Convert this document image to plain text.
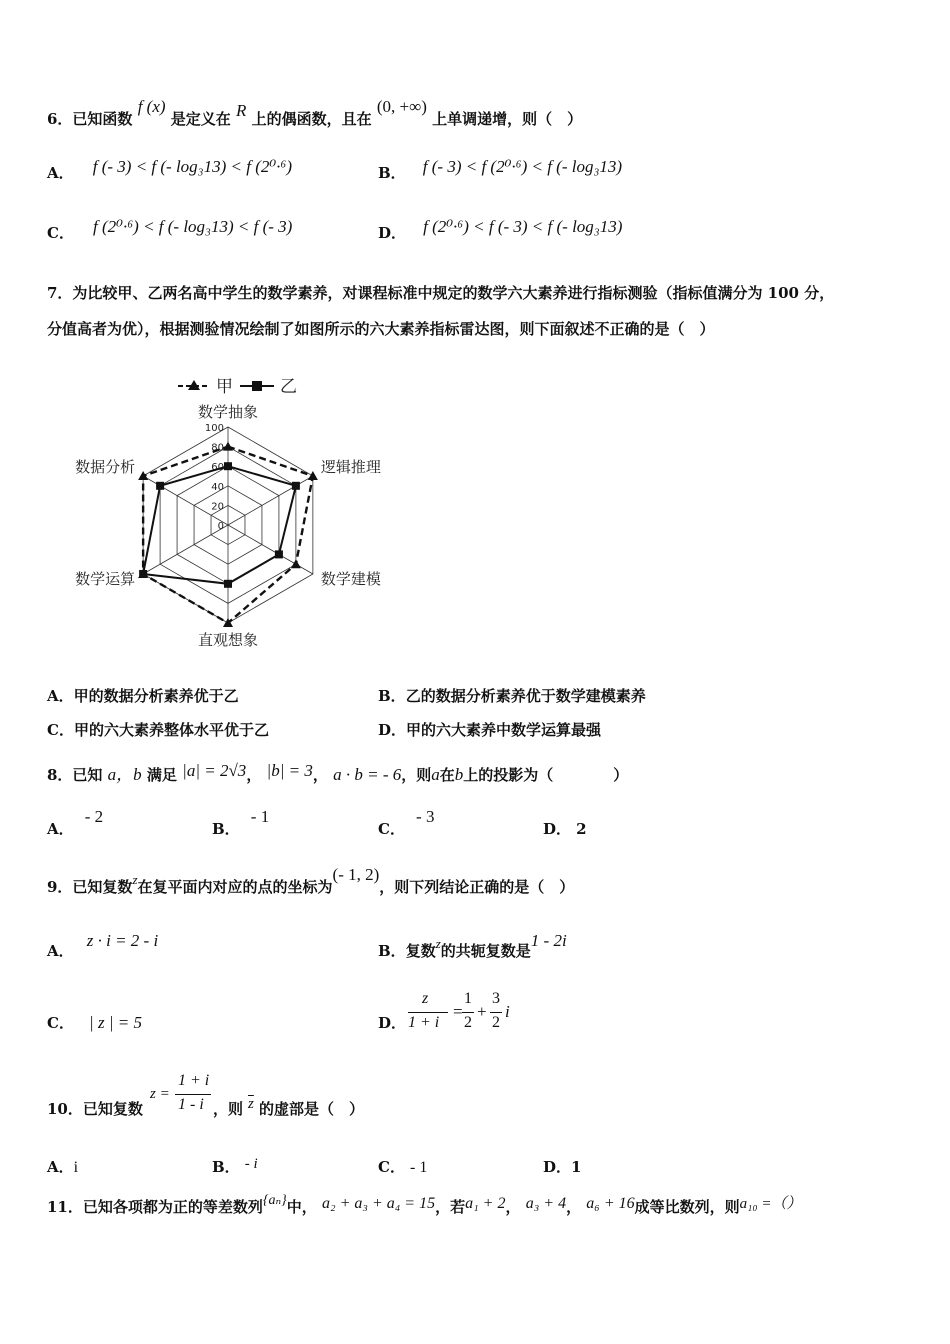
6．已知函数 f (x) 是定义在 R 上的偶函数，且在 (0, +∞) 上单调递增，则（　）
A． f (- 3) < f (- log₃13) < f (2⁰·⁶)	B． f (- 3) < f (2⁰·⁶) < f (- log₃13)
C． f (2⁰·⁶) < f (- log₃13) < f (- 3)	D． f (2⁰·⁶) < f (- 3) < f (- log₃13)
7．为比较甲、乙两名高中学生的数学素养，对课程标准中规定的数学六大素养进行指标测验（指标值满分为 100 分，
分值高者为优），根据测验情况绘制了如图所示的六大素养指标雷达图，则下面叙述不正确的是（　）
100
80
60
40
20
0
数学抽象
逻辑推理
数学建模
直观想象
数学运算
数据分析
甲	乙
A．甲的数据分析素养优于乙	B．乙的数据分析素养优于数学建模素养
C．甲的六大素养整体水平优于乙	D．甲的六大素养中数学运算最强
8．已知 a，b 满足 |a| = 2√3， |b| = 3， a · b = - 6，则a在b上的投影为（　　　　）
A． - 2
B． - 1
C． - 3
D． 2
9．已知复数z在复平面内对应的点的坐标为(- 1, 2)，则下列结论正确的是（　）
A． z · i = 2 - i
B．复数$^z$的共轭复数是1 - 2i
C． | z | = 5	D．
z
1 + i
=
1
2
+
3
2
i
10．已知复数
z =
1 + i
1 - i ，则 $\overline{z}$ 的虚部是（　）
A．i	B． - i	C． - 1	D．1
11．已知各项都为正的等差数列{aₙ}中， a₂ + a₃ + a₄ = 15，若a₁ + 2， a₃ + 4， a₆ + 16成等比数列，则a₁₀ =（）
